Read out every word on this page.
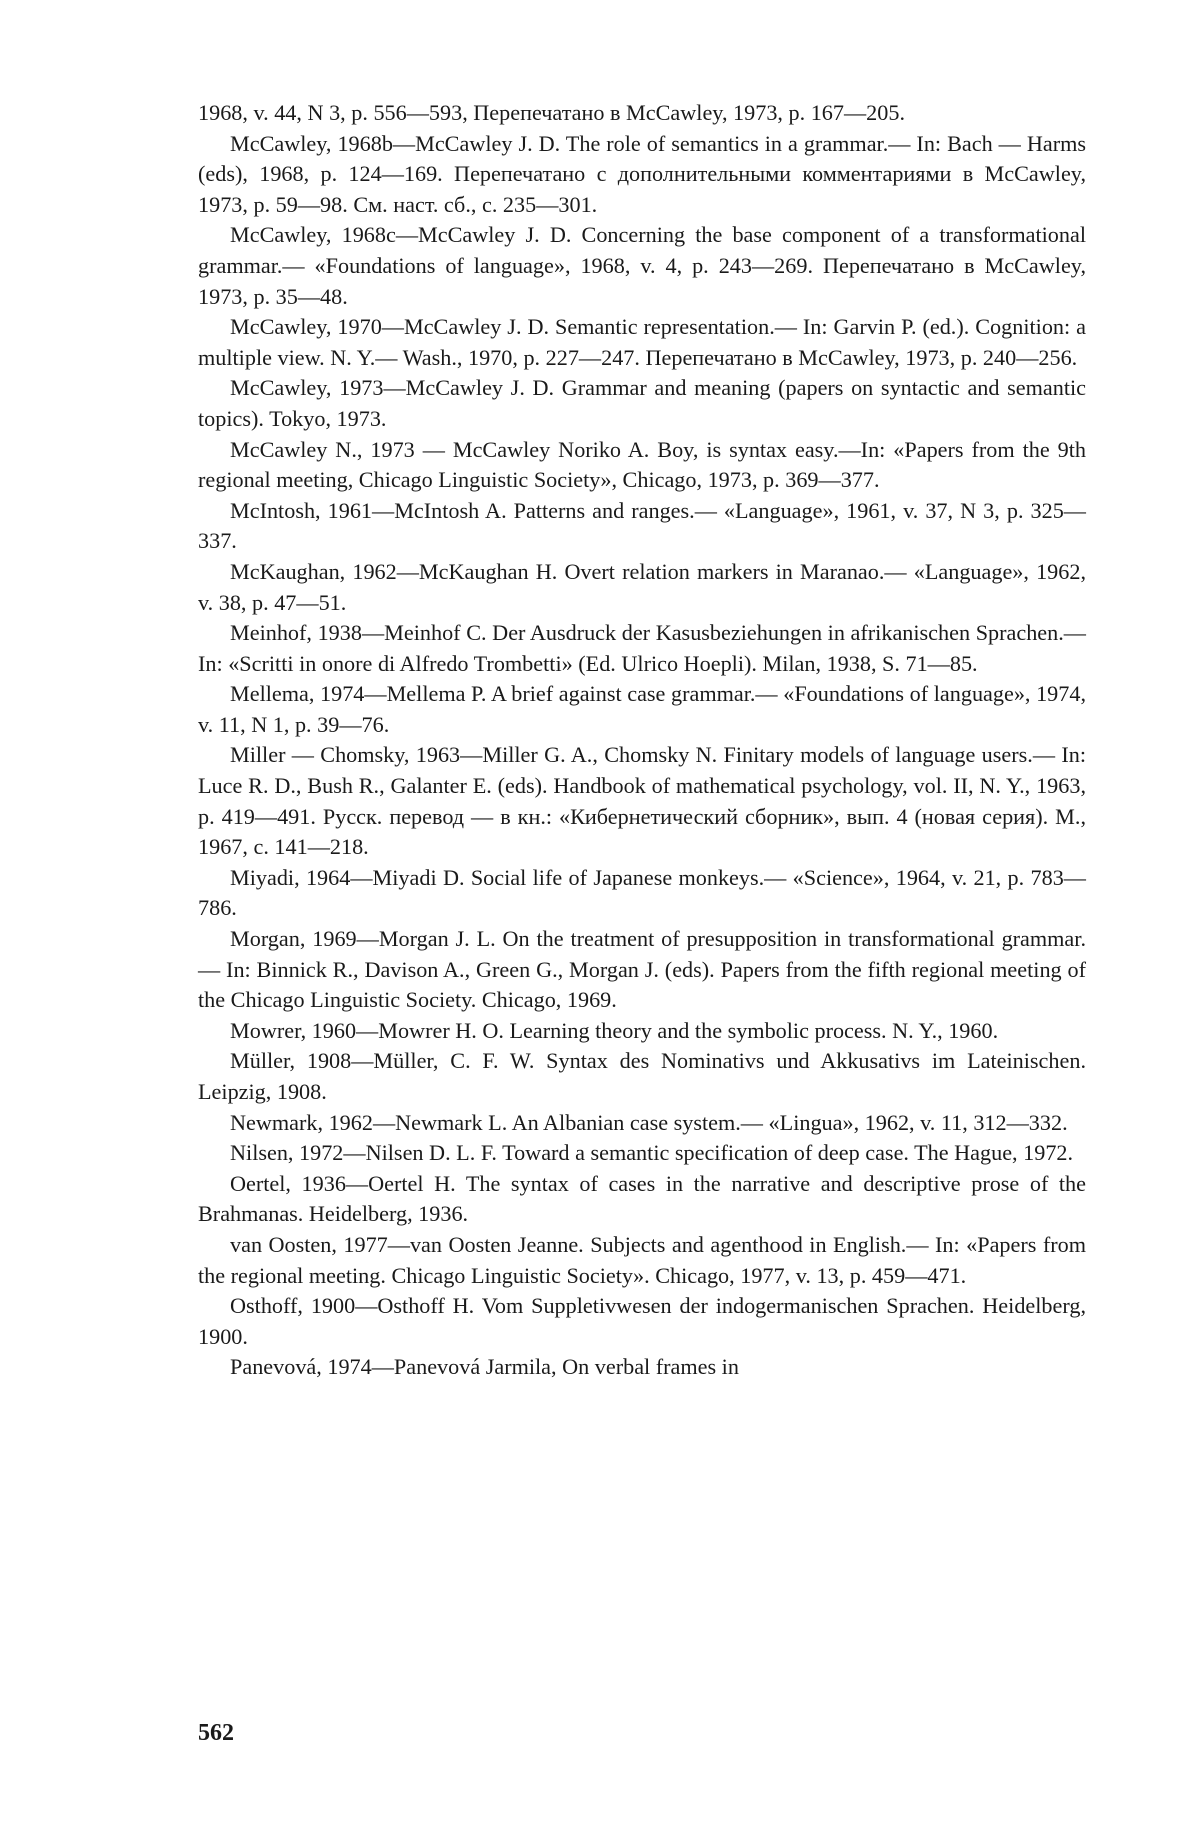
1968, v. 44, N 3, p. 556—593, Перепечатано в McCawley, 1973, p. 167—205.

McCawley, 1968b—McCawley J. D. The role of semantics in a grammar.— In: Bach — Harms (eds), 1968, p. 124—169. Перепечатано с дополнительными комментариями в McCawley, 1973, p. 59—98. См. наст. сб., с. 235—301.

McCawley, 1968c—McCawley J. D. Concerning the base component of a transformational grammar.— «Foundations of language», 1968, v. 4, p. 243—269. Перепечатано в McCawley, 1973, p. 35—48.

McCawley, 1970—McCawley J. D. Semantic representation.— In: Garvin P. (ed.). Cognition: a multiple view. N. Y.— Wash., 1970, p. 227—247. Перепечатано в McCawley, 1973, p. 240—256.

McCawley, 1973—McCawley J. D. Grammar and meaning (papers on syntactic and semantic topics). Tokyo, 1973.

McCawley N., 1973 — McCawley Noriko A. Boy, is syntax easy.—In: «Papers from the 9th regional meeting, Chicago Linguistic Society», Chicago, 1973, p. 369—377.

McIntosh, 1961—McIntosh A. Patterns and ranges.— «Language», 1961, v. 37, N 3, p. 325—337.

McKaughan, 1962—McKaughan H. Overt relation markers in Maranao.— «Language», 1962, v. 38, p. 47—51.

Meinhof, 1938—Meinhof C. Der Ausdruck der Kasusbeziehungen in afrikanischen Sprachen.— In: «Scritti in onore di Alfredo Trombetti» (Ed. Ulrico Hoepli). Milan, 1938, S. 71—85.

Mellema, 1974—Mellema P. A brief against case grammar.— «Foundations of language», 1974, v. 11, N 1, p. 39—76.

Miller — Chomsky, 1963—Miller G. A., Chomsky N. Finitary models of language users.— In: Luce R. D., Bush R., Galanter E. (eds). Handbook of mathematical psychology, vol. II, N. Y., 1963, p. 419—491. Русск. перевод — в кн.: «Кибернетический сборник», вып. 4 (новая серия). М., 1967, с. 141—218.

Miyadi, 1964—Miyadi D. Social life of Japanese monkeys.— «Science», 1964, v. 21, p. 783—786.

Morgan, 1969—Morgan J. L. On the treatment of presupposition in transformational grammar.— In: Binnick R., Davison A., Green G., Morgan J. (eds). Papers from the fifth regional meeting of the Chicago Linguistic Society. Chicago, 1969.

Mowrer, 1960—Mowrer H. O. Learning theory and the symbolic process. N. Y., 1960.

Müller, 1908—Müller, C. F. W. Syntax des Nominativs und Akkusativs im Lateinischen. Leipzig, 1908.

Newmark, 1962—Newmark L. An Albanian case system.— «Lingua», 1962, v. 11, 312—332.

Nilsen, 1972—Nilsen D. L. F. Toward a semantic specification of deep case. The Hague, 1972.

Oertel, 1936—Oertel H. The syntax of cases in the narrative and descriptive prose of the Brahmanas. Heidelberg, 1936.

van Oosten, 1977—van Oosten Jeanne. Subjects and agenthood in English.— In: «Papers from the regional meeting. Chicago Linguistic Society». Chicago, 1977, v. 13, p. 459—471.

Osthoff, 1900—Osthoff H. Vom Suppletivwesen der indogermanischen Sprachen. Heidelberg, 1900.

Panevová, 1974—Panevová Jarmila, On verbal frames in

562
